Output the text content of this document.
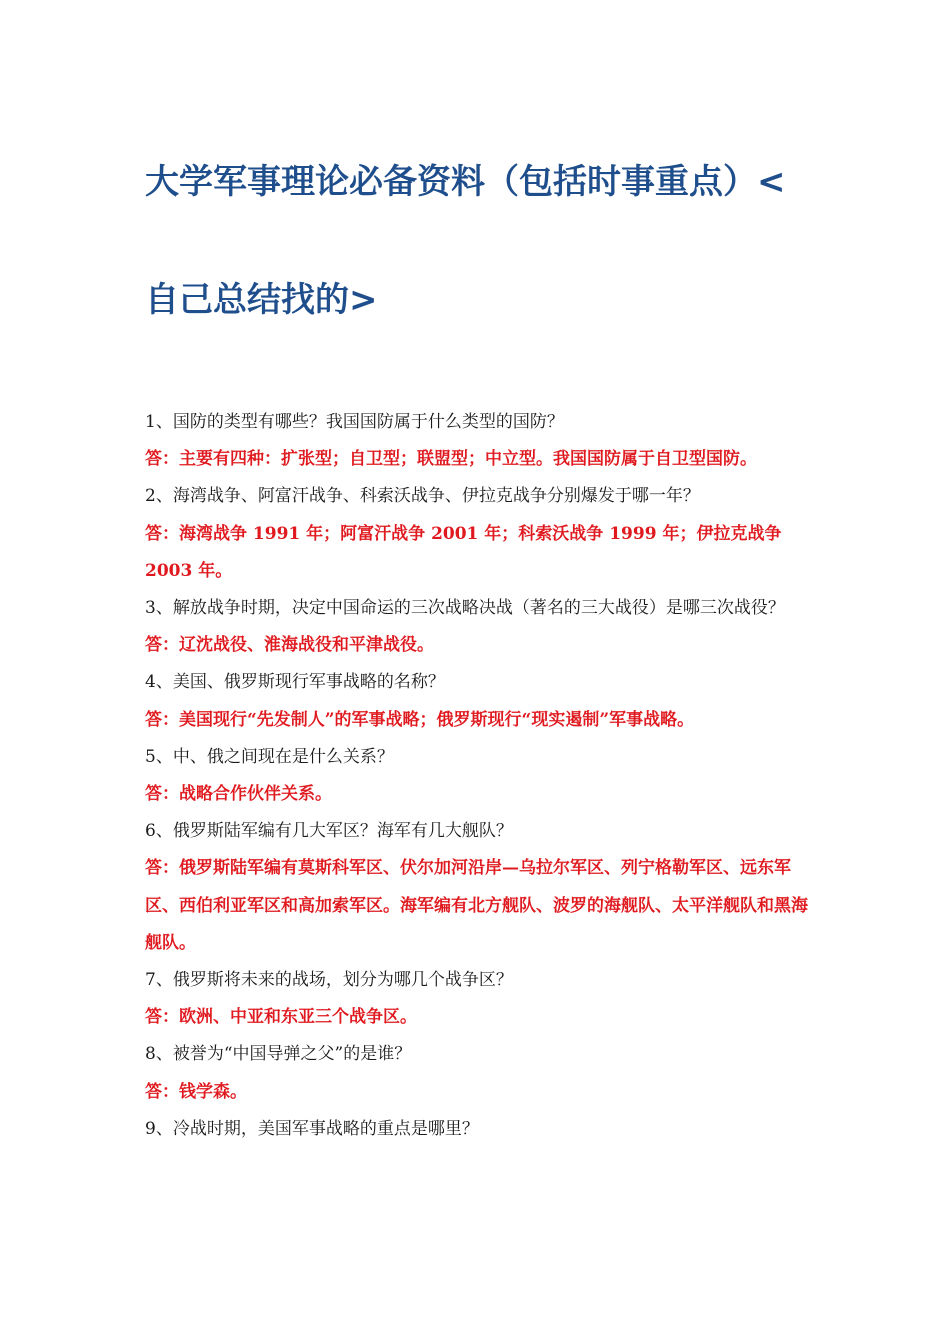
大学军事理论必备资料（包括时事重点）<
自己总结找的>

1、国防的类型有哪些？我国国防属于什么类型的国防？

答：主要有四种：扩张型；自卫型；联盟型；中立型。我国国防属于自卫型国防。

2、海湾战争、阿富汗战争、科索沃战争、伊拉克战争分别爆发于哪一年？

答：海湾战争 1991 年；阿富汗战争 2001 年；科索沃战争 1999 年；伊拉克战争 2003 年。

3、解放战争时期，决定中国命运的三次战略决战（著名的三大战役）是哪三次战役？

答：辽沈战役、淮海战役和平津战役。

4、美国、俄罗斯现行军事战略的名称？

答：美国现行“先发制人”的军事战略；俄罗斯现行“现实遏制”军事战略。

5、中、俄之间现在是什么关系？

答：战略合作伙伴关系。

6、俄罗斯陆军编有几大军区？海军有几大舰队？

答：俄罗斯陆军编有莫斯科军区、伏尔加河沿岸—乌拉尔军区、列宁格勒军区、远东军区、西伯利亚军区和高加索军区。海军编有北方舰队、波罗的海舰队、太平洋舰队和黑海舰队。

7、俄罗斯将未来的战场，划分为哪几个战争区？

答：欧洲、中亚和东亚三个战争区。

8、被誉为“中国导弹之父”的是谁？

答：钱学森。

9、冷战时期，美国军事战略的重点是哪里？
